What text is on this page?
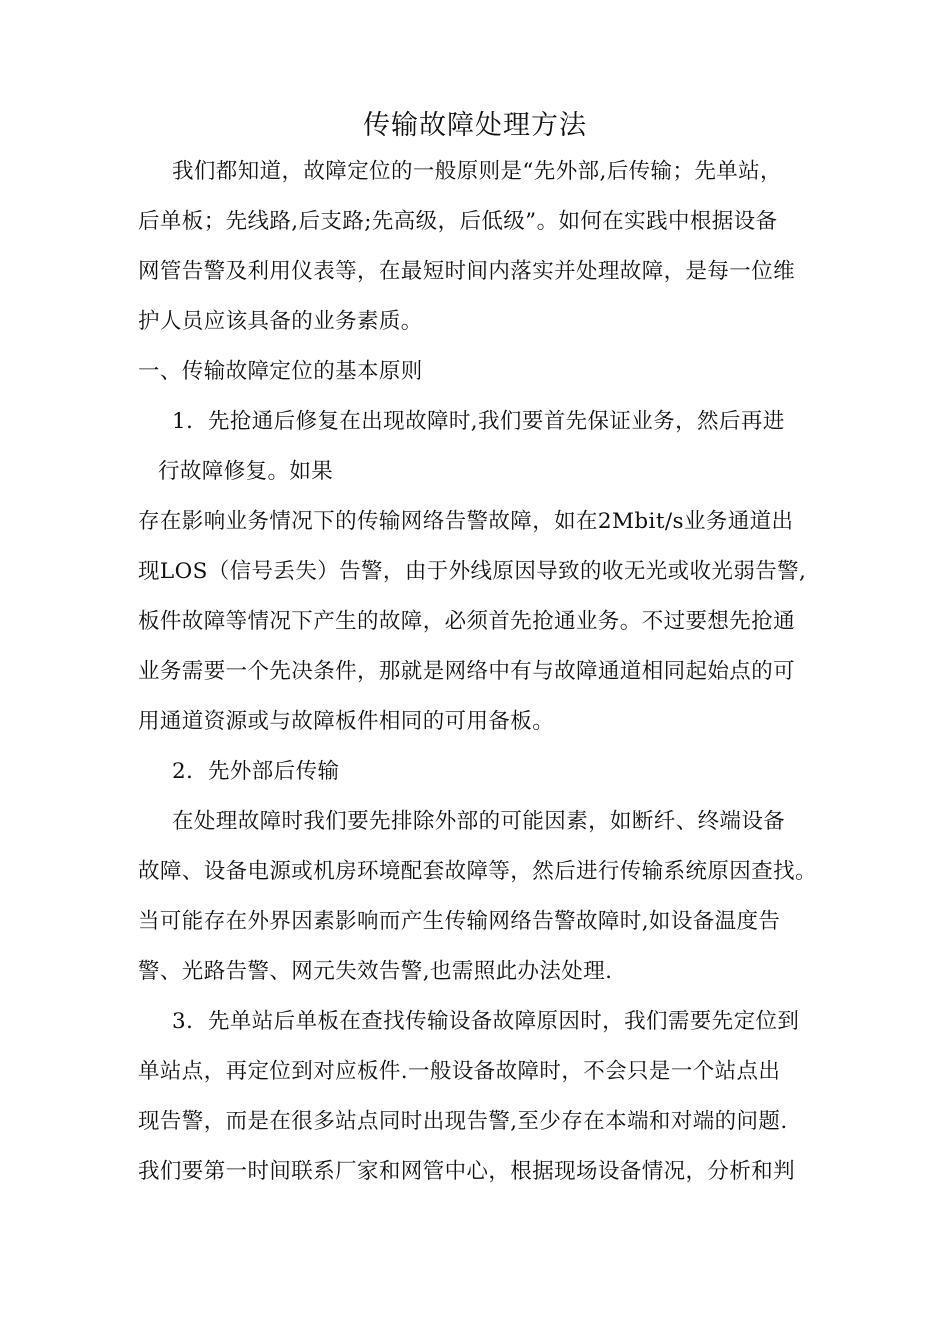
传输故障处理方法
我们都知道，故障定位的一般原则是“先外部,后传输；先单站，
后单板；先线路,后支路;先高级，后低级”。如何在实践中根据设备
网管告警及利用仪表等，在最短时间内落实并处理故障，是每一位维
护人员应该具备的业务素质。
一、传输故障定位的基本原则
1．先抢通后修复在出现故障时,我们要首先保证业务，然后再进
行故障修复。如果
存在影响业务情况下的传输网络告警故障，如在2Mbit/s业务通道出
现LOS（信号丢失）告警，由于外线原因导致的收无光或收光弱告警,
板件故障等情况下产生的故障，必须首先抢通业务。不过要想先抢通
业务需要一个先决条件，那就是网络中有与故障通道相同起始点的可
用通道资源或与故障板件相同的可用备板。
2．先外部后传输
在处理故障时我们要先排除外部的可能因素，如断纤、终端设备
故障、设备电源或机房环境配套故障等，然后进行传输系统原因查找。
当可能存在外界因素影响而产生传输网络告警故障时,如设备温度告
警、光路告警、网元失效告警,也需照此办法处理.
3．先单站后单板在查找传输设备故障原因时，我们需要先定位到
单站点，再定位到对应板件.一般设备故障时，不会只是一个站点出
现告警，而是在很多站点同时出现告警,至少存在本端和对端的问题.
我们要第一时间联系厂家和网管中心，根据现场设备情况，分析和判
